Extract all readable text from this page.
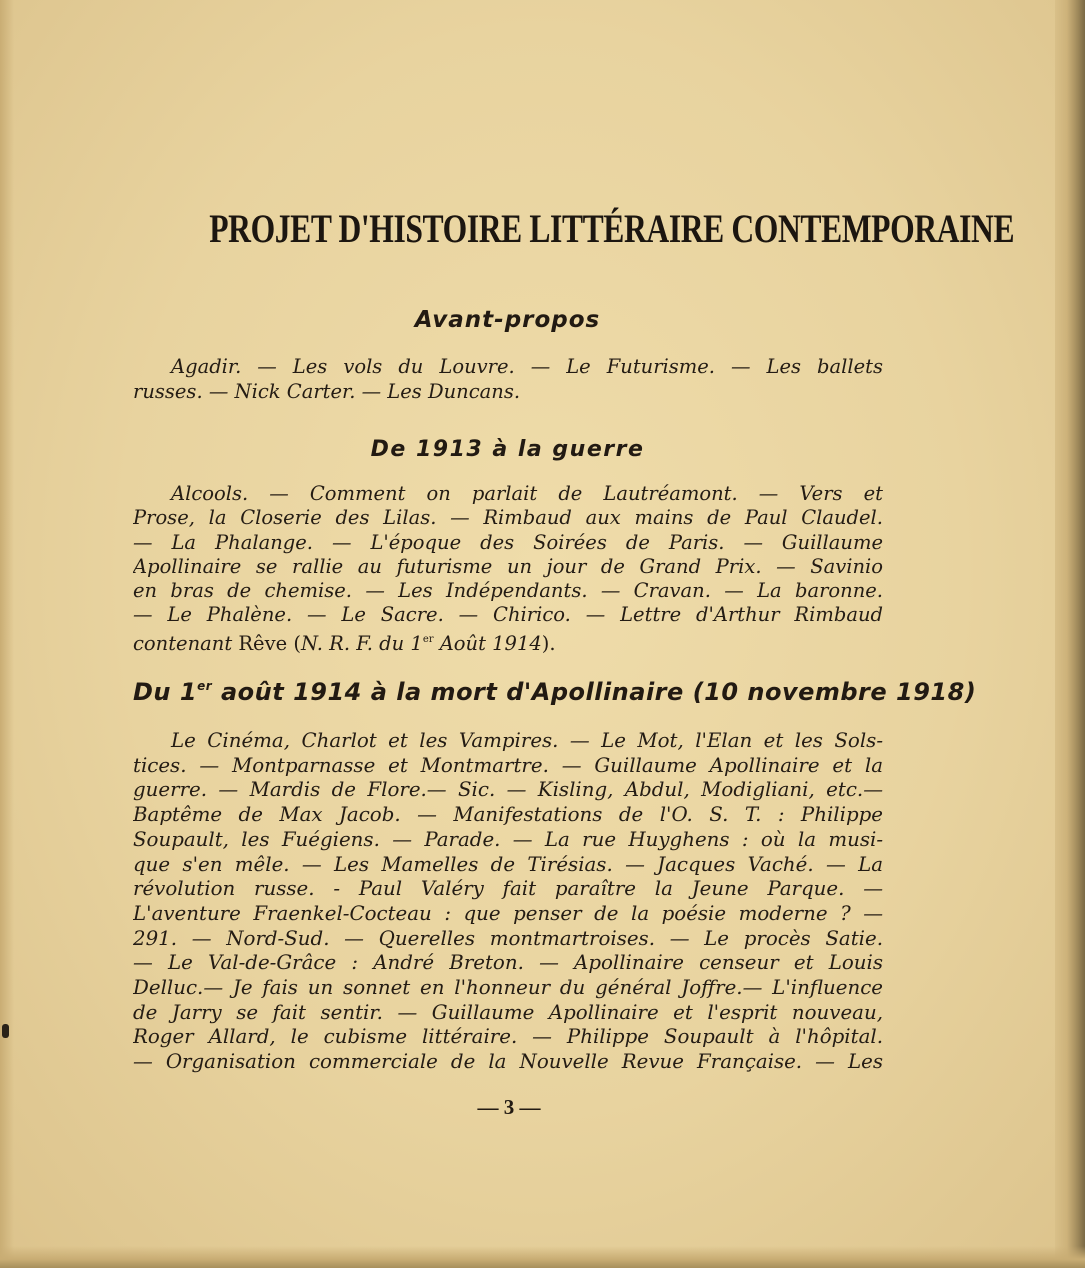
PROJET D'HISTOIRE LITTÉRAIRE CONTEMPORAINE
Avant-propos

Agadir. — Les vols du Louvre. — Le Futurisme. — Les ballets
russes. — Nick Carter. — Les Duncans.

De 1913 à la guerre

Alcools. — Comment on parlait de Lautréamont. — Vers et
Prose, la Closerie des Lilas. — Rimbaud aux mains de Paul Claudel.
— La Phalange. — L'époque des Soirées de Paris. — Guillaume
Apollinaire se rallie au futurisme un jour de Grand Prix. — Savinio
en bras de chemise. — Les Indépendants. — Cravan. — La baronne.
— Le Phalène. — Le Sacre. — Chirico. — Lettre d'Arthur Rimbaud
contenant Rêve (N. R. F. du 1er Août 1914).

Du 1er août 1914 à la mort d'Apollinaire (10 novembre 1918)

Le Cinéma, Charlot et les Vampires. — Le Mot, l'Elan et les Sols-
tices. — Montparnasse et Montmartre. — Guillaume Apollinaire et la
guerre. — Mardis de Flore.— Sic. — Kisling, Abdul, Modigliani, etc.—
Baptême de Max Jacob. — Manifestations de l'O. S. T. : Philippe
Soupault, les Fuégiens. — Parade. — La rue Huyghens : où la musi-
que s'en mêle. — Les Mamelles de Tirésias. — Jacques Vaché. — La
révolution russe. - Paul Valéry fait paraître la Jeune Parque. —
L'aventure Fraenkel-Cocteau : que penser de la poésie moderne ? —
291. — Nord-Sud. — Querelles montmartroises. — Le procès Satie.
— Le Val-de-Grâce : André Breton. — Apollinaire censeur et Louis
Delluc.— Je fais un sonnet en l'honneur du général Joffre.— L'influence
de Jarry se fait sentir. — Guillaume Apollinaire et l'esprit nouveau,
Roger Allard, le cubisme littéraire. — Philippe Soupault à l'hôpital.
— Organisation commerciale de la Nouvelle Revue Française. — Les

— 3 —
